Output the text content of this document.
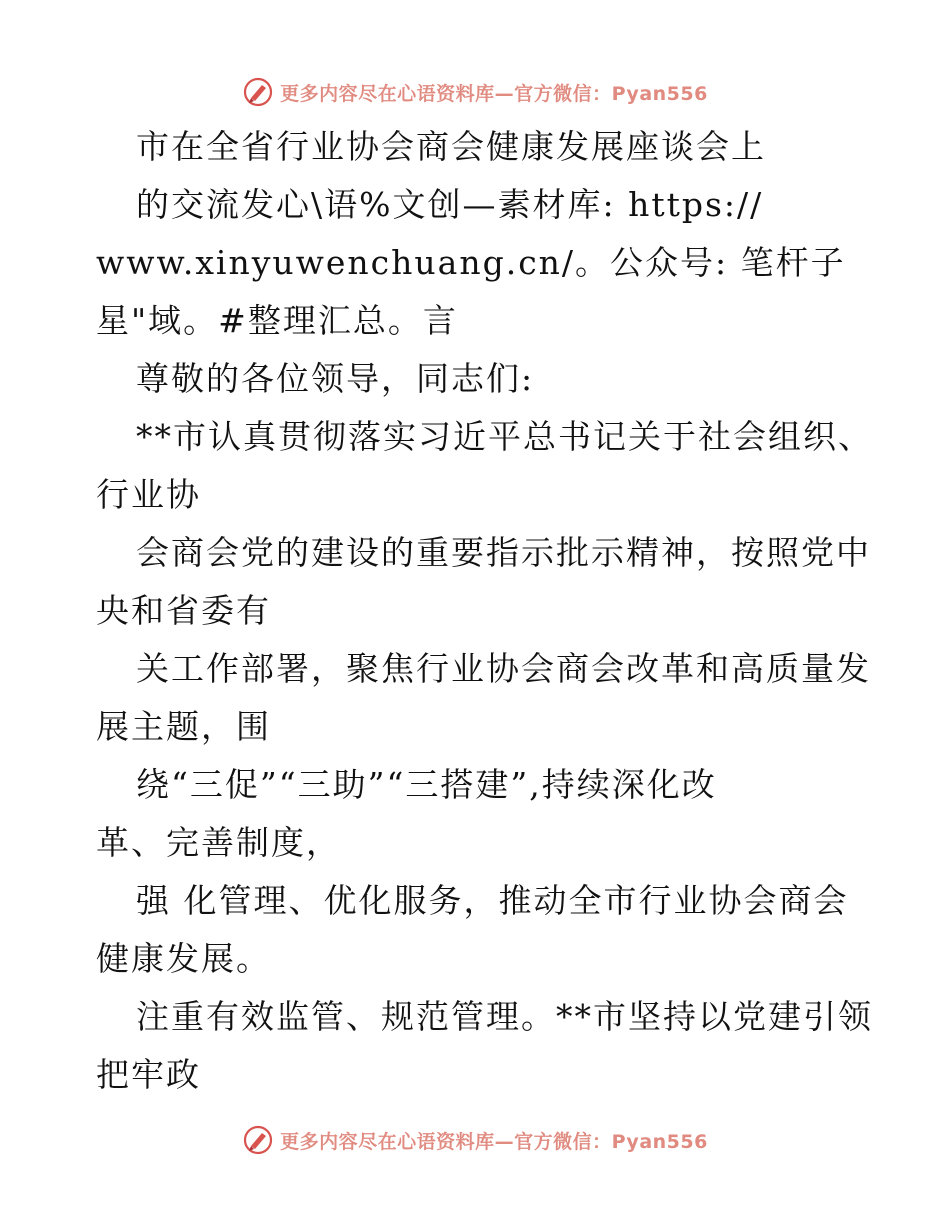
更多内容尽在心语资料库—官方微信：Pyan556
市在全省行业协会商会健康发展座谈会上
的交流发心\语%文创—素材库: https://
www.xinyuwenchuang.cn/。公众号: 笔杆子
星"域。#整理汇总。言
尊敬的各位领导，同志们:
**市认真贯彻落实习近平总书记关于社会组织、
行业协
会商会党的建设的重要指示批示精神，按照党中
央和省委有
关工作部署，聚焦行业协会商会改革和高质量发
展主题，围
绕“三促”“三助”“三搭建”,持续深化改
革、完善制度，
强 化管理、优化服务，推动全市行业协会商会
健康发展。
注重有效监管、规范管理。**市坚持以党建引领
把牢政
更多内容尽在心语资料库—官方微信：Pyan556
